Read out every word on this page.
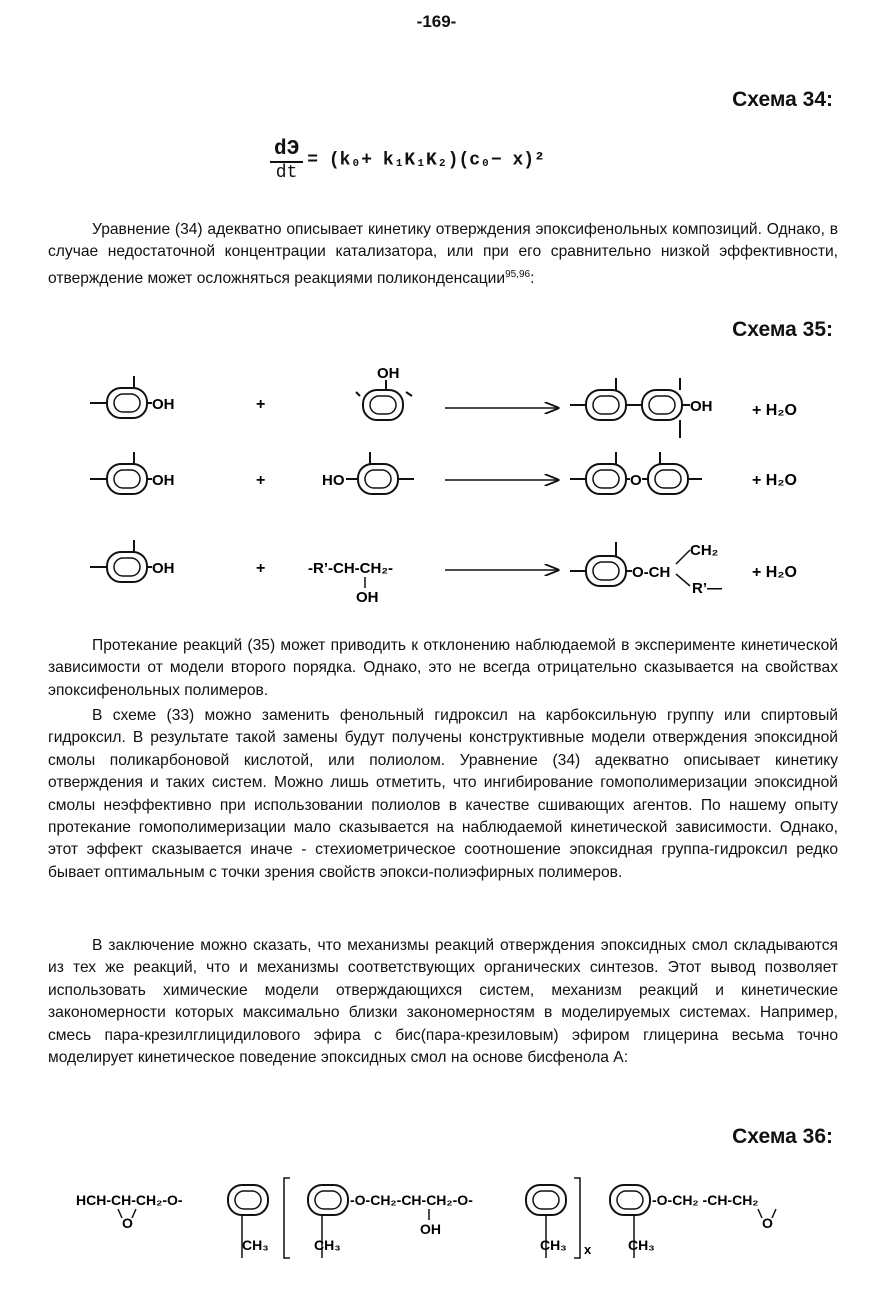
-169-
Схема 34:
$\frac{dЭ}{dt} = (k_0+ k_1K_1K_2)(c_0- x)^2$

Уравнение (34) адекватно описывает кинетику отверждения эпоксифенольных композиций. Однако, в случае недостаточной концентрации катализатора, или при его сравнительно низкой эффективности, отверждение может осложняться реакциями поликонденсации$^{95,96}$:

Схема 35:
OH	+
OH
OH + H₂O
OH	+	HO	O	+ H₂O
OH	+	-R’-CH-CH₂-
OH
O-CH
CH₂
R’—
+ H₂O

Протекание реакций (35) может приводить к отклонению наблюдаемой в эксперименте кинетической зависимости от модели второго порядка. Однако, это не всегда отрицательно сказывается на свойствах эпоксифенольных полимеров.

В схеме (33) можно заменить фенольный гидроксил на карбоксильную группу или спиртовый гидроксил. В результате такой замены будут получены конструктивные модели отверждения эпоксидной смолы поликарбоновой кислотой, или полиолом. Уравнение (34) адекватно описывает кинетику отверждения и таких систем. Можно лишь отметить, что ингибирование гомополимеризации эпоксидной смолы неэффективно при использовании полиолов в качестве сшивающих агентов. По нашему опыту протекание гомополимеризации мало сказывается на наблюдаемой кинетической зависимости. Однако, этот эффект сказывается иначе - стехиометрическое соотношение эпоксидная группа-гидроксил редко бывает оптимальным с точки зрения свойств эпокси-полиэфирных полимеров.

В заключение можно сказать, что механизмы реакций отверждения эпоксидных смол складываются из тех же реакций, что и механизмы соответствующих органических синтезов. Этот вывод позволяет использовать химические модели отверждающихся систем, механизм реакций и кинетические закономерности которых максимально близки закономерностям в моделируемых системах. Например, смесь пара-крезилглицидилового эфира с бис(пара-крезиловым) эфиром глицерина весьма точно моделирует кинетическое поведение эпоксидных смол на основе бисфенола А:

Схема 36:
HCH-CH-CH₂-O-
O
CH₃	CH₃
-O-CH₂-CH-CH₂-O-
OH
CH₃ x	CH₃
-O-CH₂ -CH-CH₂
O
